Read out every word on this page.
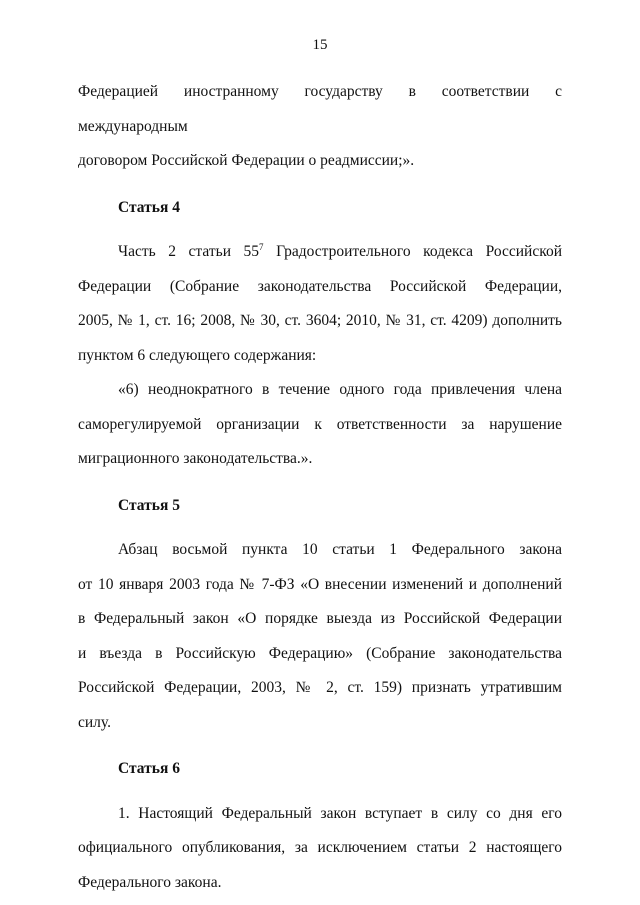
15

Федерацией иностранному государству в соответствии с международным
договором Российской Федерации о реадмиссии;».

Статья 4

Часть 2 статьи $55^7$ Градостроительного кодекса Российской
Федерации (Собрание законодательства Российской Федерации,
2005, № 1, ст. 16; 2008, № 30, ст. 3604; 2010, № 31, ст. 4209) дополнить
пунктом 6 следующего содержания:

«6) неоднократного в течение одного года привлечения члена
саморегулируемой организации к ответственности за нарушение
миграционного законодательства.».

Статья 5

Абзац восьмой пункта 10 статьи 1 Федерального закона
от 10 января 2003 года № 7-ФЗ «О внесении изменений и дополнений
в Федеральный закон «О порядке выезда из Российской Федерации
и въезда в Российскую Федерацию» (Собрание законодательства
Российской Федерации, 2003, № 2, ст. 159) признать утратившим
силу.

Статья 6

1. Настоящий Федеральный закон вступает в силу со дня его
официального опубликования, за исключением статьи 2 настоящего
Федерального закона.
